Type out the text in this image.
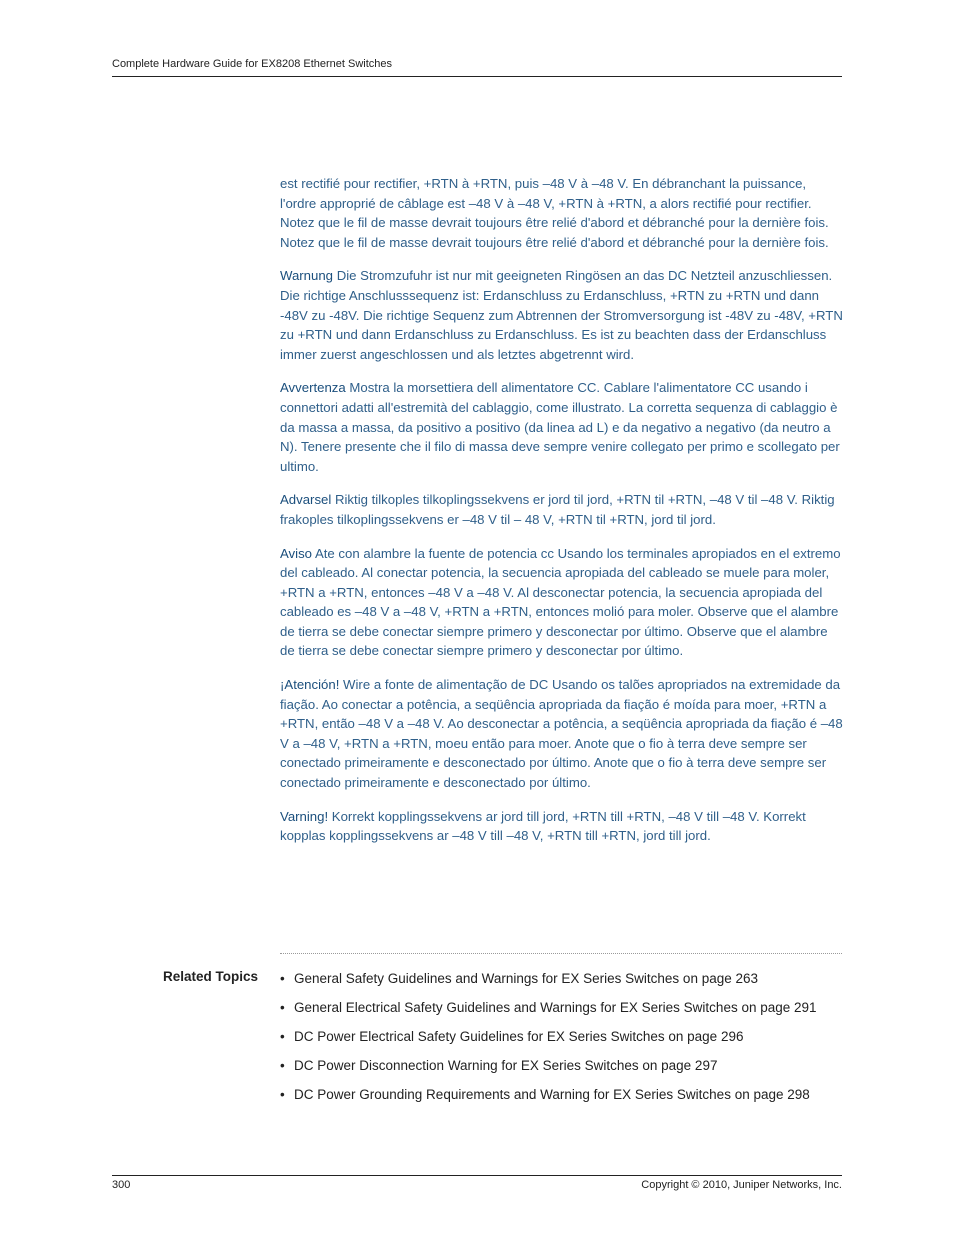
Complete Hardware Guide for EX8208 Ethernet Switches

est rectifié pour rectifier, +RTN à +RTN, puis –48 V à –48 V. En débranchant la puissance, l'ordre approprié de câblage est –48 V à –48 V, +RTN à +RTN, a alors rectifié pour rectifier. Notez que le fil de masse devrait toujours être relié d'abord et débranché pour la dernière fois. Notez que le fil de masse devrait toujours être relié d'abord et débranché pour la dernière fois.

Warnung Die Stromzufuhr ist nur mit geeigneten Ringösen an das DC Netzteil anzuschliessen. Die richtige Anschlusssequenz ist: Erdanschluss zu Erdanschluss, +RTN zu +RTN und dann -48V zu -48V. Die richtige Sequenz zum Abtrennen der Stromversorgung ist -48V zu -48V, +RTN zu +RTN und dann Erdanschluss zu Erdanschluss. Es ist zu beachten dass der Erdanschluss immer zuerst angeschlossen und als letztes abgetrennt wird.

Avvertenza Mostra la morsettiera dell alimentatore CC. Cablare l'alimentatore CC usando i connettori adatti all'estremità del cablaggio, come illustrato. La corretta sequenza di cablaggio è da massa a massa, da positivo a positivo (da linea ad L) e da negativo a negativo (da neutro a N). Tenere presente che il filo di massa deve sempre venire collegato per primo e scollegato per ultimo.

Advarsel Riktig tilkoples tilkoplingssekvens er jord til jord, +RTN til +RTN, –48 V til –48 V. Riktig frakoples tilkoplingssekvens er –48 V til – 48 V, +RTN til +RTN, jord til jord.

Aviso Ate con alambre la fuente de potencia cc Usando los terminales apropiados en el extremo del cableado. Al conectar potencia, la secuencia apropiada del cableado se muele para moler, +RTN a +RTN, entonces –48 V a –48 V. Al desconectar potencia, la secuencia apropiada del cableado es –48 V a –48 V, +RTN a +RTN, entonces molió para moler. Observe que el alambre de tierra se debe conectar siempre primero y desconectar por último. Observe que el alambre de tierra se debe conectar siempre primero y desconectar por último.

¡Atención! Wire a fonte de alimentação de DC Usando os talões apropriados na extremidade da fiação. Ao conectar a potência, a seqüência apropriada da fiação é moída para moer, +RTN a +RTN, então –48 V a –48 V. Ao desconectar a potência, a seqüência apropriada da fiação é –48 V a –48 V, +RTN a +RTN, moeu então para moer. Anote que o fio à terra deve sempre ser conectado primeiramente e desconectado por último. Anote que o fio à terra deve sempre ser conectado primeiramente e desconectado por último.

Varning! Korrekt kopplingssekvens ar jord till jord, +RTN till +RTN, –48 V till –48 V. Korrekt kopplas kopplingssekvens ar –48 V till –48 V, +RTN till +RTN, jord till jord.

Related Topics • General Safety Guidelines and Warnings for EX Series Switches on page 263
• General Electrical Safety Guidelines and Warnings for EX Series Switches on page 291
• DC Power Electrical Safety Guidelines for EX Series Switches on page 296
• DC Power Disconnection Warning for EX Series Switches on page 297
• DC Power Grounding Requirements and Warning for EX Series Switches on page 298
300	Copyright © 2010, Juniper Networks, Inc.
